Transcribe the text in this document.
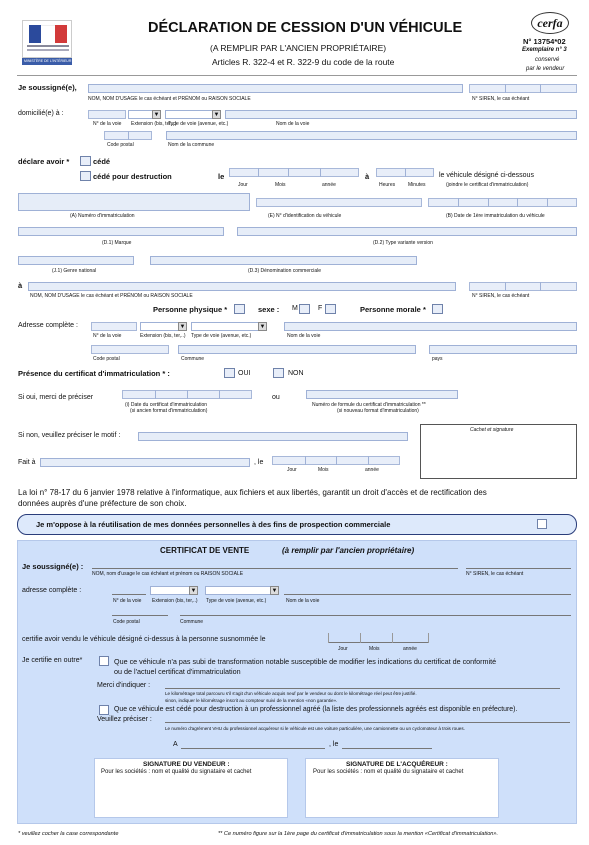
MINISTÈRE DE L'INTÉRIEUR
DÉCLARATION DE CESSION D'UN VÉHICULE
(A REMPLIR PAR L'ANCIEN PROPRIÉTAIRE)
Articles R. 322-4 et R. 322-9 du code de la route
cerfa
N° 13754*02
Exemplaire n° 3
conservé
par le vendeur
Je soussigné(e),
NOM, NOM D'USAGE le cas échéant et PRÉNOM ou RAISON SOCIALE	N° SIREN, le cas échéant
domicilié(e) à :	▼	▼
N° de la voie Extension (bis, ter,..)
Type de voie (avenue, etc.)	Nom de la voie
Code postal	Nom de la commune
déclare avoir *	cédé
cédé pour destruction	le	à	le véhicule désigné ci-dessous
Jour	Mois	année	Heures	Minutes	(joindre le certificat d'immatriculation)
(A) Numéro d'immatriculation	(E) N° d'identification du véhicule	(B) Date de 1ère immatriculation du véhicule
(D.1) Marque	(D.2) Type variante version
(J.1) Genre national	(D.3) Dénomination commerciale
à
NOM, NOM D'USAGE le cas échéant et PRÉNOM ou RAISON SOCIALE	N° SIREN, le cas échéant
Personne physique *	sexe : M	F	Personne morale *
Adresse complète :	▼	▼
N° de la voie	Extension (bis, ter,..) Type de voie (avenue, etc.)	Nom de la voie
Code postal	Commune	pays
Présence du certificat d'immatriculation * :	OUI	NON
Si oui, merci de préciser	ou
(i) Date du certificat d'immatriculation
(si ancien format d'immatriculation)
Numéro de formule du certificat d'immatriculation **
(si nouveau format d'immatriculation)
Si non, veuillez préciser le motif :
Cachet et signature
Fait à	, le
Jour	Mois	année
La loi n° 78-17 du 6 janvier 1978 relative à l'informatique, aux fichiers et aux libertés, garantit un droit d'accès et de rectification des
données auprès d'une préfecture de son choix.
Je m'oppose à la réutilisation de mes données personnelles à des fins de prospection commerciale
CERTIFICAT DE VENTE	(à remplir par l'ancien propriétaire)
Je soussigné(e) :
NOM, nom d'usage le cas échéant et prénom ou RAISON SOCIALE	N° SIREN, le cas échéant
adresse complète :	▼	▼
N° de la voie Extension (bis, ter,..) Type de voie (avenue, etc.)	Nom de la voie
Code postal	Commune
certifie avoir vendu le véhicule désigné ci-dessus à la personne susnommée le
Jour	Mois	année
Je certifie en outre*	Que ce véhicule n'a pas subi de transformation notable susceptible de modifier les indications du certificat de conformité
ou de l'actuel certificat d'immatriculation
Merci d'indiquer :
Le kilométrage total parcouru s'il s'agit d'un véhicule acquis neuf par le vendeur ou dont le kilométrage réel peut être justifié.
sinon, indiquer le kilométrage inscrit au compteur suivi de la mention «non garantie».
Que ce véhicule est cédé pour destruction à un professionnel agréé (la liste des professionnels agréés est disponible en préfecture).
Veuillez préciser :
Le numéro d'agrément VHU du professionnel acquéreur si le véhicule est une voiture particulière, une camionnette ou un cyclomoteur à trois roues.
A	, le
SIGNATURE DU VENDEUR :
Pour les sociétés : nom et qualité du signataire et cachet
SIGNATURE DE L'ACQUÉREUR :
Pour les sociétés : nom et qualité du signataire et cachet
* veuillez cocher la case correspondante	** Ce numéro figure sur la 1ère page du certificat d'immatriculation sous la mention «Certificat d'immatriculation».
